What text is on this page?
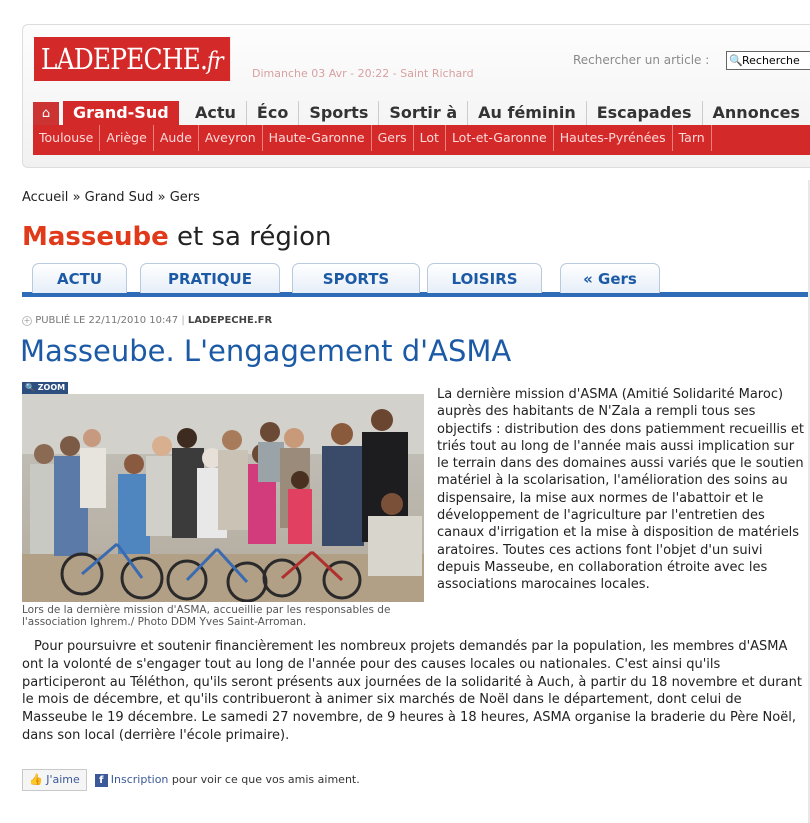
LADEPECHE.fr	Dimanche 03 Avr - 20:22 - Saint Richard
Rechercher un article : 🔍 Recherche
⌂	Grand-Sud	Actu Éco Sports Sortir à Au féminin Escapades Annonces
Toulouse Ariège Aude Aveyron Haute-Garonne Gers Lot Lot-et-Garonne Hautes-Pyrénées Tarn
Accueil » Grand Sud » Gers
Masseube et sa région
ACTU	PRATIQUE	SPORTS	LOISIRS	« Gers
+ PUBLIÉ LE 22/11/2010 10:47 | LADEPECHE.FR
Masseube. L'engagement d'ASMA
🔍 ZOOM
Lors de la dernière mission d'ASMA, accueillie par les responsables de l'association Ighrem./ Photo DDM Yves Saint-Arroman.

La dernière mission d'ASMA (Amitié Solidarité Maroc) auprès des habitants de N'Zala a rempli tous ses objectifs : distribution des dons patiemment recueillis et triés tout au long de l'année mais aussi implication sur le terrain dans des domaines aussi variés que le soutien matériel à la scolarisation, l'amélioration des soins au dispensaire, la mise aux normes de l'abattoir et le développement de l'agriculture par l'entretien des canaux d'irrigation et la mise à disposition de matériels aratoires. Toutes ces actions font l'objet d'un suivi depuis Masseube, en collaboration étroite avec les associations marocaines locales.

Pour poursuivre et soutenir financièrement les nombreux projets demandés par la population, les membres d'ASMA ont la volonté de s'engager tout au long de l'année pour des causes locales ou nationales. C'est ainsi qu'ils participeront au Téléthon, qu'ils seront présents aux journées de la solidarité à Auch, à partir du 18 novembre et durant le mois de décembre, et qu'ils contribueront à animer six marchés de Noël dans le département, dont celui de Masseube le 19 décembre. Le samedi 27 novembre, de 9 heures à 18 heures, ASMA organise la braderie du Père Noël, dans son local (derrière l'école primaire).

👍 J'aime f Inscription pour voir ce que vos amis aiment.
